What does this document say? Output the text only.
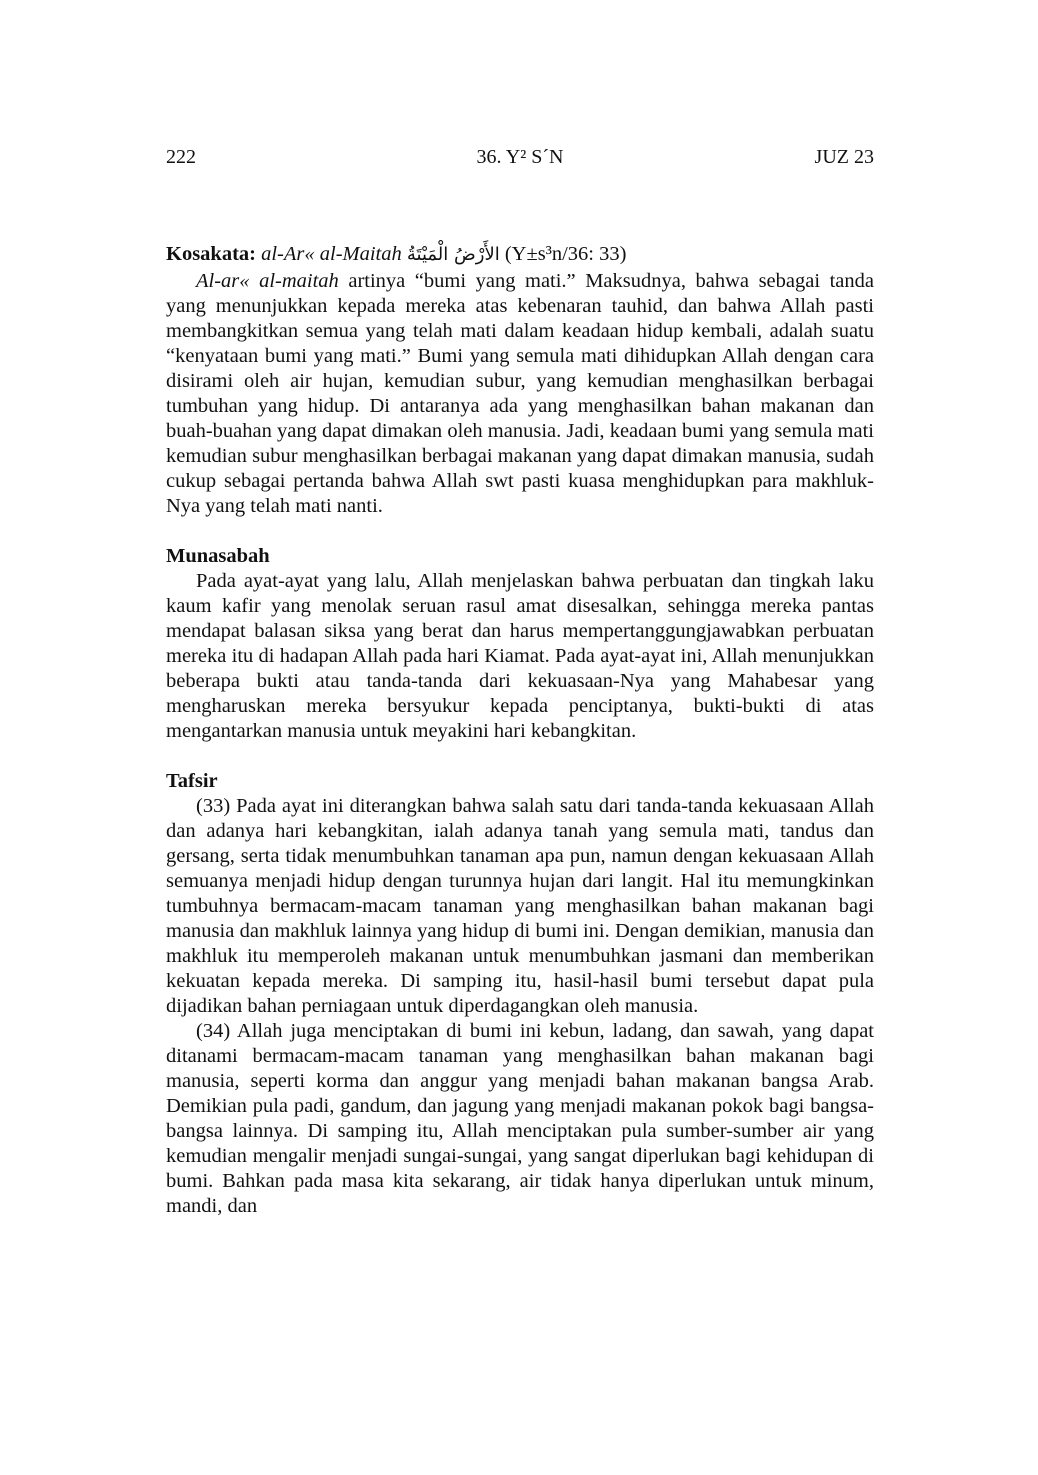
222	36. Y² S´N	JUZ 23
Kosakata: al-Ar« al-Maitah الأَرْضُ الْمَيْتَةُ (Y±s³n/36: 33)

Al-ar« al-maitah artinya “bumi yang mati.” Maksudnya, bahwa sebagai tanda yang menunjukkan kepada mereka atas kebenaran tauhid, dan bahwa Allah pasti membangkitkan semua yang telah mati dalam keadaan hidup kembali, adalah suatu “kenyataan bumi yang mati.” Bumi yang semula mati dihidupkan Allah dengan cara disirami oleh air hujan, kemudian subur, yang kemudian menghasilkan berbagai tumbuhan yang hidup. Di antaranya ada yang menghasilkan bahan makanan dan buah-buahan yang dapat dimakan oleh manusia. Jadi, keadaan bumi yang semula mati kemudian subur menghasilkan berbagai makanan yang dapat dimakan manusia, sudah cukup sebagai pertanda bahwa Allah swt pasti kuasa menghidupkan para makhluk-Nya yang telah mati nanti.

Munasabah

Pada ayat-ayat yang lalu, Allah menjelaskan bahwa perbuatan dan tingkah laku kaum kafir yang menolak seruan rasul amat disesalkan, sehingga mereka pantas mendapat balasan siksa yang berat dan harus mempertanggungjawabkan perbuatan mereka itu di hadapan Allah pada hari Kiamat. Pada ayat-ayat ini, Allah menunjukkan beberapa bukti atau tanda-tanda dari kekuasaan-Nya yang Mahabesar yang mengharuskan mereka bersyukur kepada penciptanya, bukti-bukti di atas mengantarkan manusia untuk meyakini hari kebangkitan.

Tafsir

(33) Pada ayat ini diterangkan bahwa salah satu dari tanda-tanda kekuasaan Allah dan adanya hari kebangkitan, ialah adanya tanah yang semula mati, tandus dan gersang, serta tidak menumbuhkan tanaman apa pun, namun dengan kekuasaan Allah semuanya menjadi hidup dengan turunnya hujan dari langit. Hal itu memungkinkan tumbuhnya bermacam-macam tanaman yang menghasilkan bahan makanan bagi manusia dan makhluk lainnya yang hidup di bumi ini. Dengan demikian, manusia dan makhluk itu memperoleh makanan untuk menumbuhkan jasmani dan memberikan kekuatan kepada mereka. Di samping itu, hasil-hasil bumi tersebut dapat pula dijadikan bahan perniagaan untuk diperdagangkan oleh manusia.

(34) Allah juga menciptakan di bumi ini kebun, ladang, dan sawah, yang dapat ditanami bermacam-macam tanaman yang menghasilkan bahan makanan bagi manusia, seperti korma dan anggur yang menjadi bahan makanan bangsa Arab. Demikian pula padi, gandum, dan jagung yang menjadi makanan pokok bagi bangsa-bangsa lainnya. Di samping itu, Allah menciptakan pula sumber-sumber air yang kemudian mengalir menjadi sungai-sungai, yang sangat diperlukan bagi kehidupan di bumi. Bahkan pada masa kita sekarang, air tidak hanya diperlukan untuk minum, mandi, dan
